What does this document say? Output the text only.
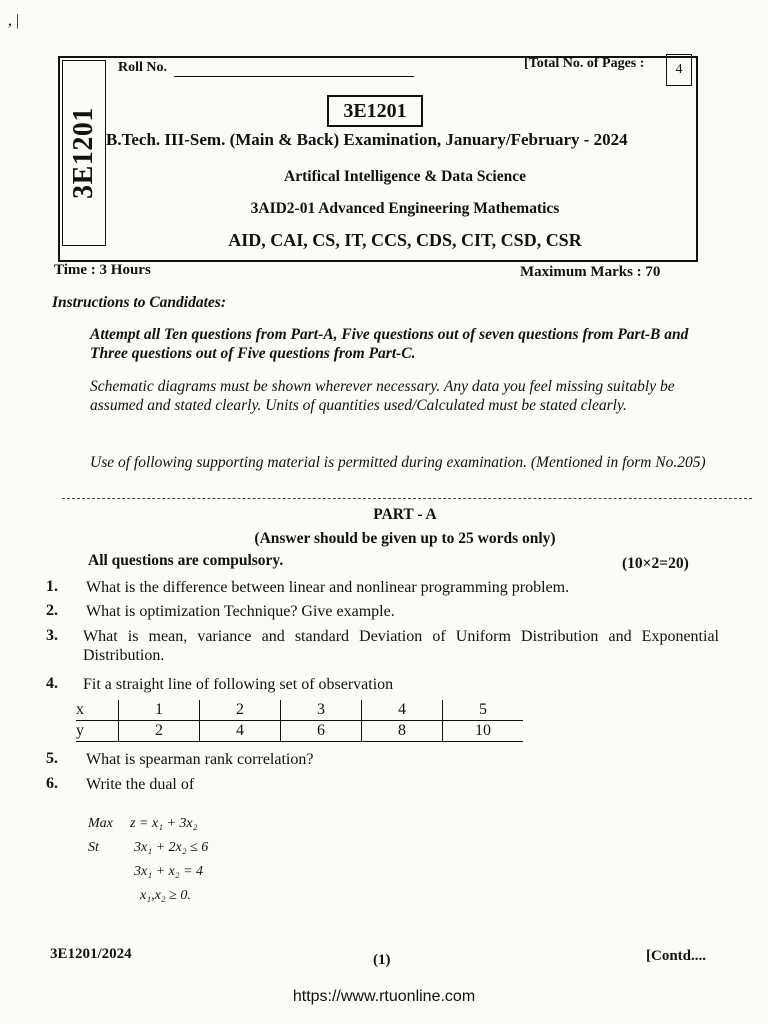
, |
3E1201
Roll No.	[Total No. of Pages : 4
3E1201
B.Tech. III-Sem. (Main & Back) Examination, January/February - 2024
Artifical Intelligence & Data Science
3AID2-01 Advanced Engineering Mathematics
AID, CAI, CS, IT, CCS, CDS, CIT, CSD, CSR
Time : 3 Hours	Maximum Marks : 70
Instructions to Candidates:
Attempt all Ten questions from Part-A, Five questions out of seven questions from Part-B and Three questions out of Five questions from Part-C.
Schematic diagrams must be shown wherever necessary. Any data you feel missing suitably be assumed and stated clearly. Units of quantities used/Calculated must be stated clearly.
Use of following supporting material is permitted during examination. (Mentioned in form No.205)
PART - A
(Answer should be given up to 25 words only)
All questions are compulsory.	(10×2=20)
1.	What is the difference between linear and nonlinear programming problem.
2.	What is optimization Technique? Give example.
3.	What is mean, variance and standard Deviation of Uniform Distribution and Exponential Distribution.
4.	Fit a straight line of following set of observation
x	1	2	3	4	5
y	2	4	6	8	10
5.	What is spearman rank correlation?
6.	Write the dual of
Max z = x₁ + 3x₂
St	3x₁ + 2x₂ ≤ 6
3x₁ + x₂ = 4
x₁,x₂ ≥ 0.
3E1201/2024	(1)	[Contd....
https://www.rtuonline.com
